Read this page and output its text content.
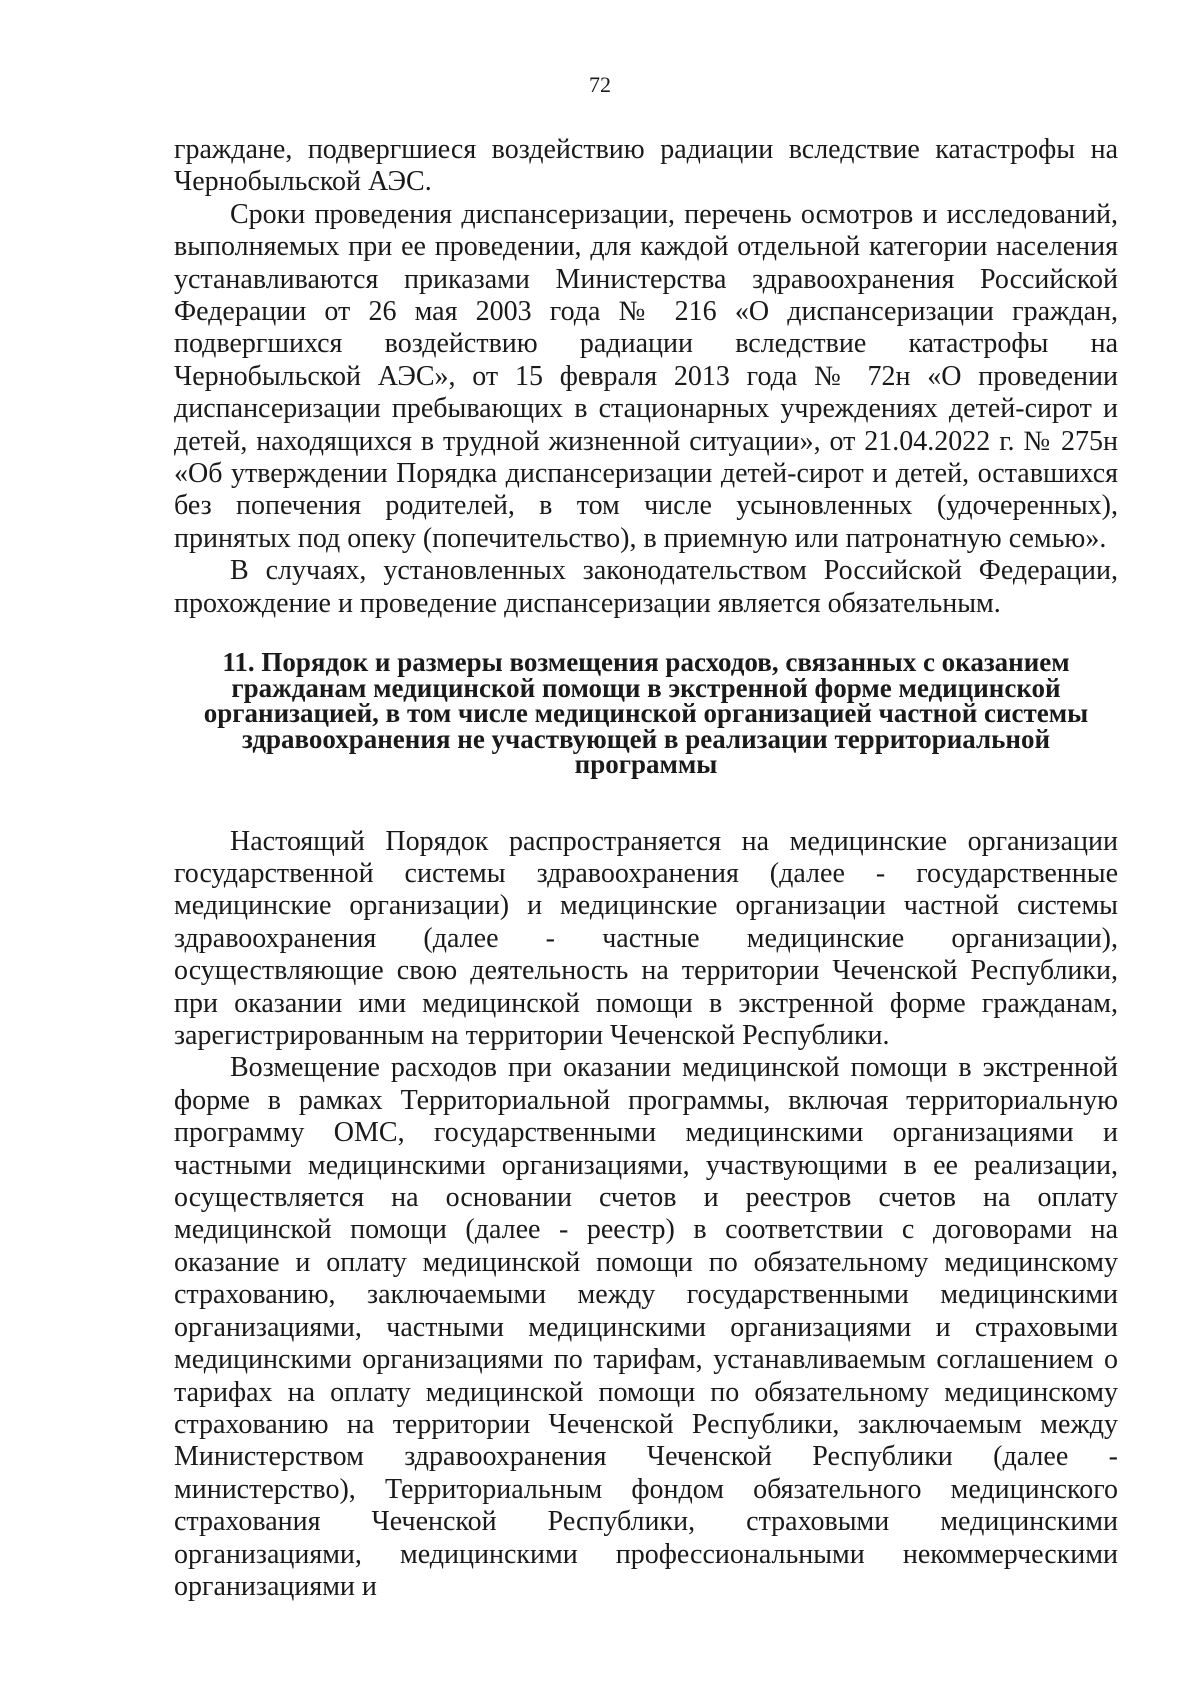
72

граждане, подвергшиеся воздействию радиации вследствие катастрофы на Чернобыльской АЭС.

Сроки проведения диспансеризации, перечень осмотров и исследований, выполняемых при ее проведении, для каждой отдельной категории населения устанавливаются приказами Министерства здравоохранения Российской Федерации от 26 мая 2003 года № 216 «О диспансеризации граждан, подвергшихся воздействию радиации вследствие катастрофы на Чернобыльской АЭС», от 15 февраля 2013 года № 72н «О проведении диспансеризации пребывающих в стационарных учреждениях детей-сирот и детей, находящихся в трудной жизненной ситуации», от 21.04.2022 г. № 275н «Об утверждении Порядка диспансеризации детей-сирот и детей, оставшихся без попечения родителей, в том числе усыновленных (удочеренных), принятых под опеку (попечительство), в приемную или патронатную семью».

В случаях, установленных законодательством Российской Федерации, прохождение и проведение диспансеризации является обязательным.

11. Порядок и размеры возмещения расходов, связанных с оказанием гражданам медицинской помощи в экстренной форме медицинской организацией, в том числе медицинской организацией частной системы здравоохранения не участвующей в реализации территориальной программы

Настоящий Порядок распространяется на медицинские организации государственной системы здравоохранения (далее - государственные медицинские организации) и медицинские организации частной системы здравоохранения (далее - частные медицинские организации), осуществляющие свою деятельность на территории Чеченской Республики, при оказании ими медицинской помощи в экстренной форме гражданам, зарегистрированным на территории Чеченской Республики.

Возмещение расходов при оказании медицинской помощи в экстренной форме в рамках Территориальной программы, включая территориальную программу ОМС, государственными медицинскими организациями и частными медицинскими организациями, участвующими в ее реализации, осуществляется на основании счетов и реестров счетов на оплату медицинской помощи (далее - реестр) в соответствии с договорами на оказание и оплату медицинской помощи по обязательному медицинскому страхованию, заключаемыми между государственными медицинскими организациями, частными медицинскими организациями и страховыми медицинскими организациями по тарифам, устанавливаемым соглашением о тарифах на оплату медицинской помощи по обязательному медицинскому страхованию на территории Чеченской Республики, заключаемым между Министерством здравоохранения Чеченской Республики (далее - министерство), Территориальным фондом обязательного медицинского страхования Чеченской Республики, страховыми медицинскими организациями, медицинскими профессиональными некоммерческими организациями и
